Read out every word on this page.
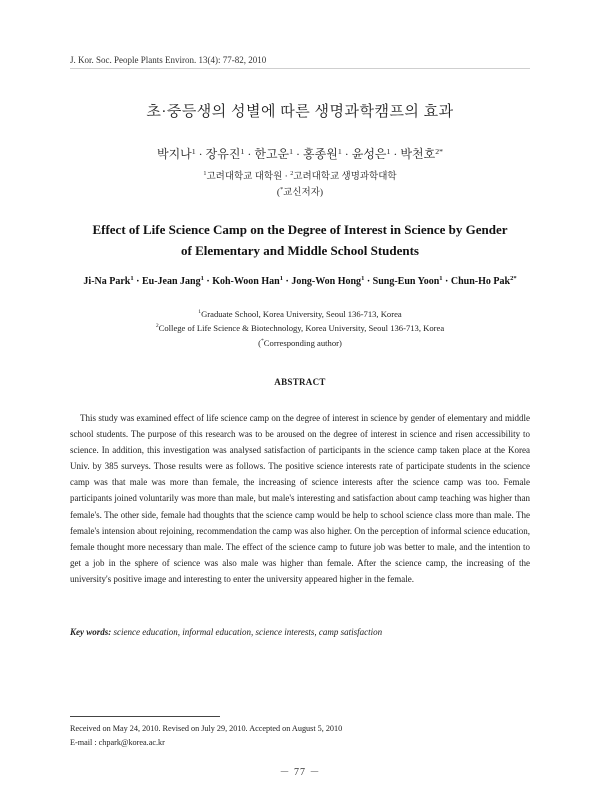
J. Kor. Soc. People Plants Environ. 13(4): 77-82, 2010
초·중등생의 성별에 따른 생명과학캠프의 효과
박지나$^1$ · 장유진$^1$ · 한고운$^1$ · 홍종원$^1$ · 윤성은$^1$ · 박천호$^{2*}$
$^1$고려대학교 대학원 · $^2$고려대학교 생명과학대학
(*교신저자)
Effect of Life Science Camp on the Degree of Interest in Science by Gender
of Elementary and Middle School Students
Ji-Na Park$^1$ · Eu-Jean Jang$^1$ · Koh-Woon Han$^1$ · Jong-Won Hong$^1$ · Sung-Eun Yoon$^1$ · Chun-Ho Pak$^{2*}$
$^1$Graduate School, Korea University, Seoul 136-713, Korea
$^2$College of Life Science & Biotechnology, Korea University, Seoul 136-713, Korea
(*Corresponding author)
ABSTRACT

This study was examined effect of life science camp on the degree of interest in science by gender of elementary and middle school students. The purpose of this research was to be aroused on the degree of interest in science and risen accessibility to science. In addition, this investigation was analysed satisfaction of participants in the science camp taken place at the Korea Univ. by 385 surveys. Those results were as follows. The positive science interests rate of participate students in the science camp was that male was more than female, the increasing of science interests after the science camp was too. Female participants joined voluntarily was more than male, but male's interesting and satisfaction about camp teaching was higher than female's. The other side, female had thoughts that the science camp would be help to school science class more than male. The female's intension about rejoining, recommendation the camp was also higher. On the perception of informal science education, female thought more necessary than male. The effect of the science camp to future job was better to male, and the intention to get a job in the sphere of science was also male was higher than female. After the science camp, the increasing of the university's positive image and interesting to enter the university appeared higher in the female.

Key words: science education, informal education, science interests, camp satisfaction
Received on May 24, 2010. Revised on July 29, 2010. Accepted on August 5, 2010
E-mail : chpark@korea.ac.kr
－ 77 －
